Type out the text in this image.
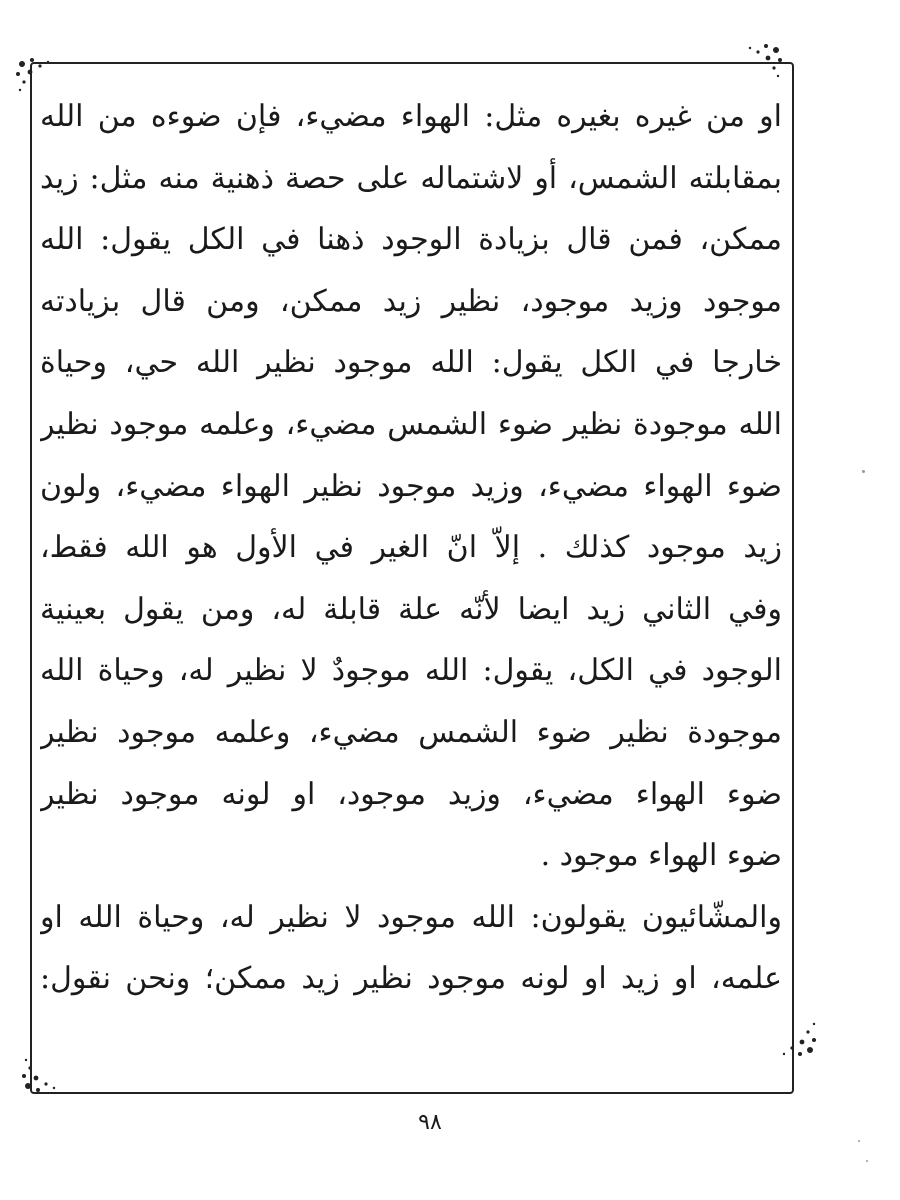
او من غيره بغيره مثل: الهواء مضيء، فإن ضوءه من الله
بمقابلته الشمس، أو لاشتماله على حصة ذهنية منه مثل: زيد
ممكن، فمن قال بزيادة الوجود ذهنا في الكل يقول: الله
موجود وزيد موجود، نظير زيد ممكن، ومن قال بزيادته
خارجا في الكل يقول: الله موجود نظير الله حي، وحياة
الله موجودة نظير ضوء الشمس مضيء، وعلمه موجود نظير
ضوء الهواء مضيء، وزيد موجود نظير الهواء مضيء، ولون
زيد موجود كذلك . إلاّ انّ الغير في الأول هو الله فقط،
وفي الثاني زيد ايضا لأنّه علة قابلة له، ومن يقول بعينية
الوجود في الكل، يقول: الله موجودٌ لا نظير له، وحياة الله
موجودة نظير ضوء الشمس مضيء، وعلمه موجود نظير
ضوء الهواء مضيء، وزيد موجود، او لونه موجود نظير
ضوء الهواء موجود .
والمشّائيون يقولون: الله موجود لا نظير له، وحياة الله او
علمه، او زيد او لونه موجود نظير زيد ممكن؛ ونحن نقول:
٩٨
